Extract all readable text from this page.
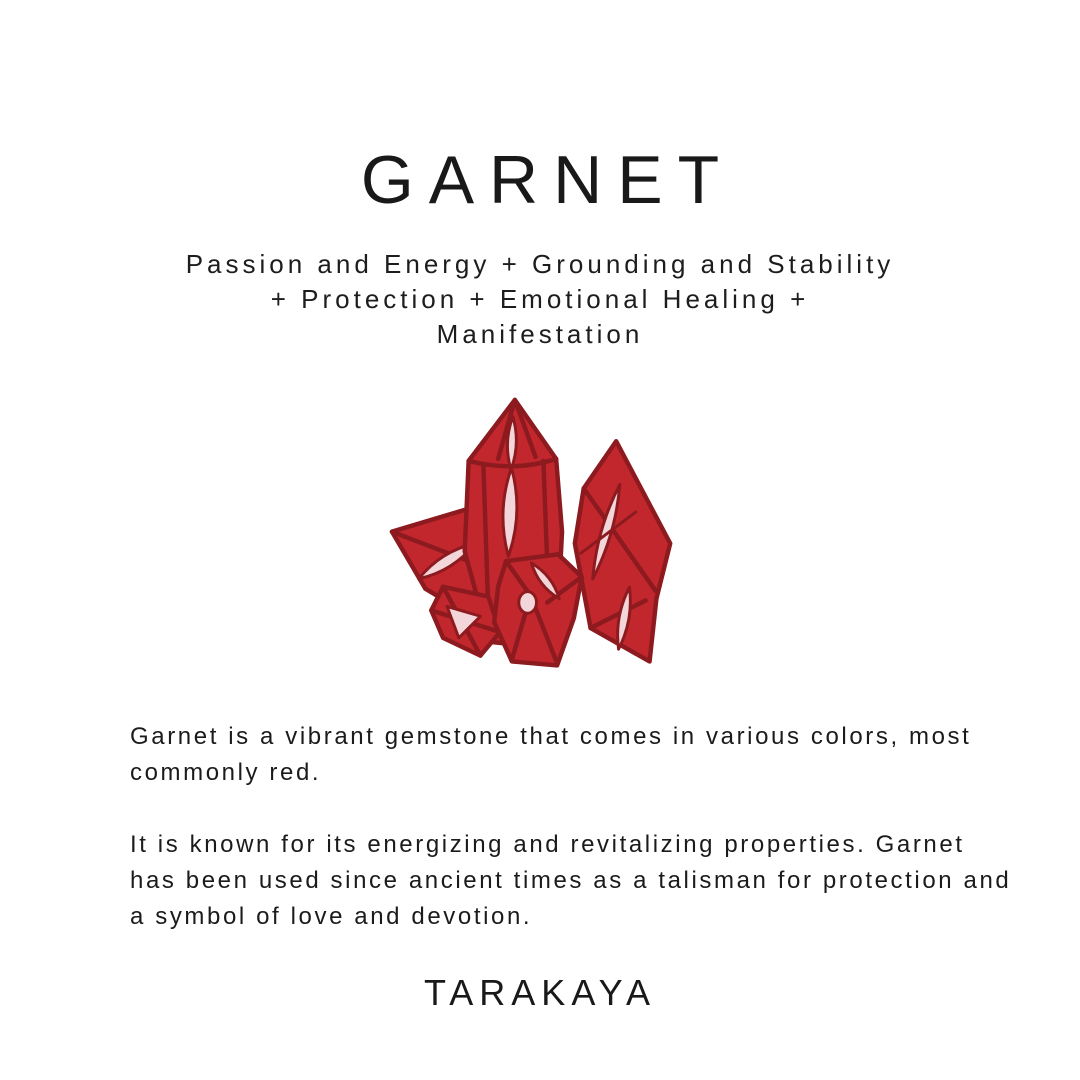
GARNET
Passion and Energy + Grounding and Stability
+ Protection + Emotional Healing +
Manifestation

Garnet is a vibrant gemstone that comes in various colors, most commonly red.

It is known for its energizing and revitalizing properties. Garnet has been used since ancient times as a talisman for protection and a symbol of love and devotion.

TARAKAYA
